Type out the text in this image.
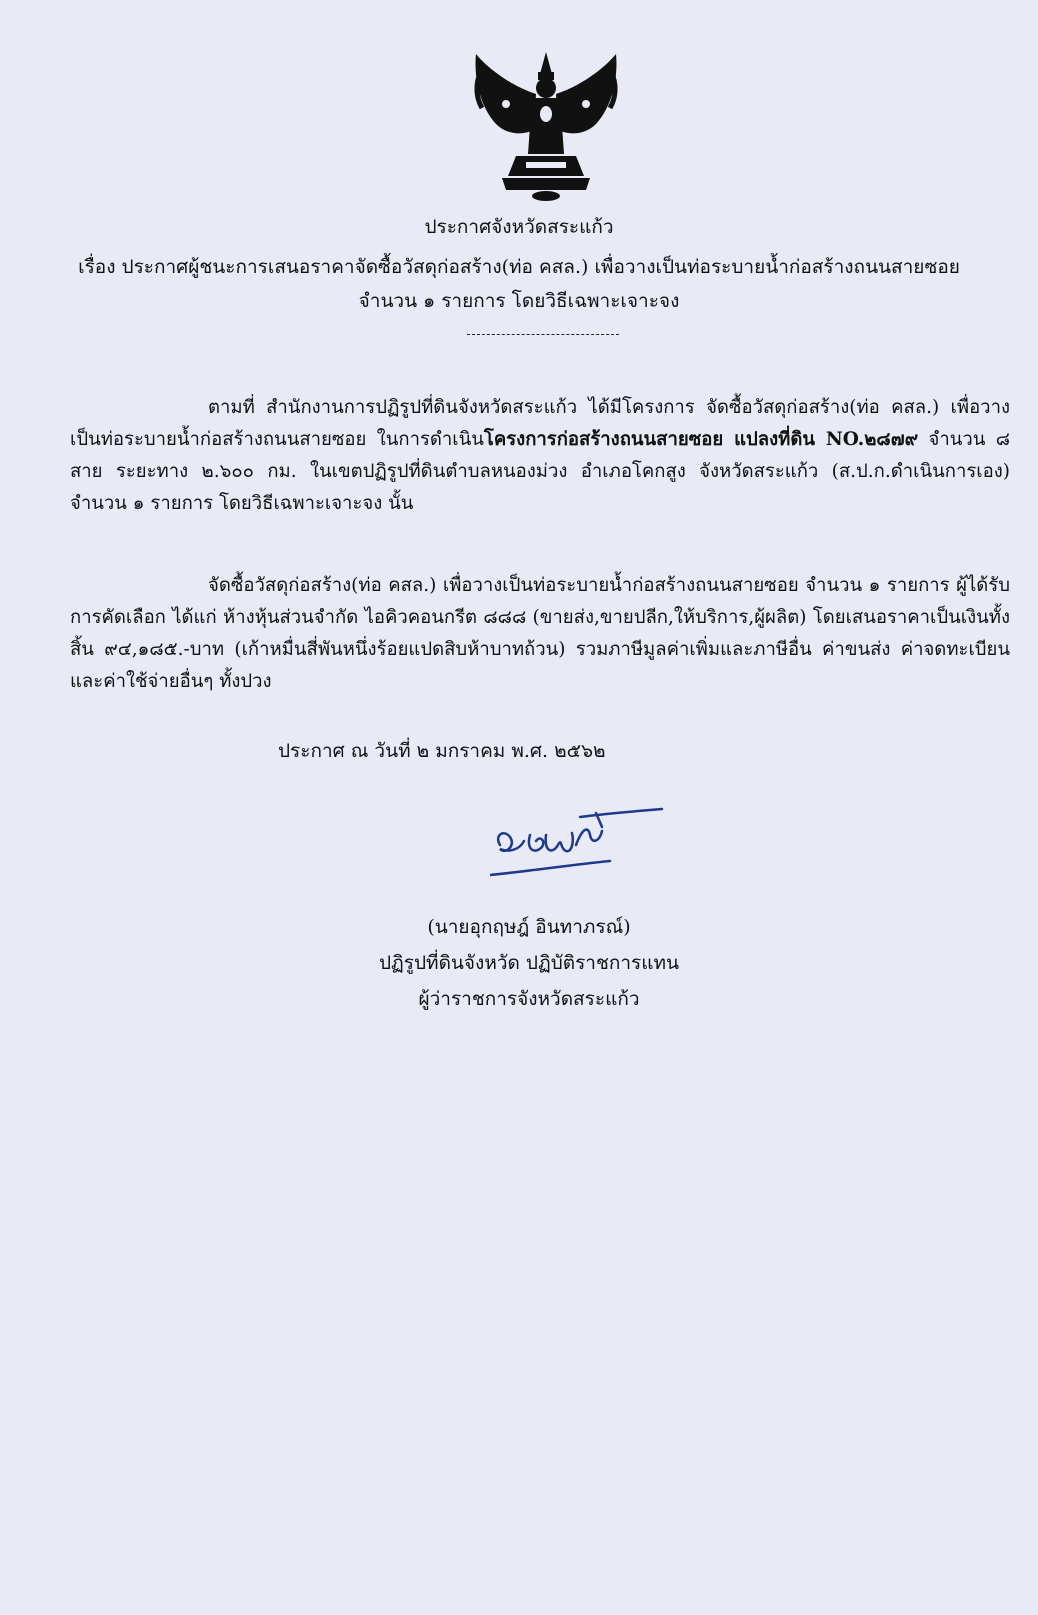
ประกาศจังหวัดสระแก้ว
เรื่อง ประกาศผู้ชนะการเสนอราคาจัดซื้อวัสดุก่อสร้าง(ท่อ คสล.) เพื่อวางเป็นท่อระบายน้ำก่อสร้างถนนสายซอย
จำนวน ๑ รายการ โดยวิธีเฉพาะเจาะจง
ตามที่ สำนักงานการปฏิรูปที่ดินจังหวัดสระแก้ว ได้มีโครงการ จัดซื้อวัสดุก่อสร้าง(ท่อ คสล.) เพื่อวางเป็นท่อระบายน้ำก่อสร้างถนนสายซอย ในการดำเนินโครงการก่อสร้างถนนสายซอย แปลงที่ดิน NO.๒๘๗๙ จำนวน ๘ สาย ระยะทาง ๒.๖๐๐ กม. ในเขตปฏิรูปที่ดินตำบลหนองม่วง อำเภอโคกสูง จังหวัดสระแก้ว (ส.ป.ก.ดำเนินการเอง) จำนวน ๑ รายการ โดยวิธีเฉพาะเจาะจง นั้น
จัดซื้อวัสดุก่อสร้าง(ท่อ คสล.) เพื่อวางเป็นท่อระบายน้ำก่อสร้างถนนสายซอย จำนวน ๑ รายการ ผู้ได้รับการคัดเลือก ได้แก่ ห้างหุ้นส่วนจำกัด ไอคิวคอนกรีต ๘๘๘ (ขายส่ง,ขายปลีก,ให้บริการ,ผู้ผลิต) โดยเสนอราคาเป็นเงินทั้งสิ้น ๙๔,๑๘๕.-บาท (เก้าหมื่นสี่พันหนึ่งร้อยแปดสิบห้าบาทถ้วน) รวมภาษีมูลค่าเพิ่มและภาษีอื่น ค่าขนส่ง ค่าจดทะเบียน และค่าใช้จ่ายอื่นๆ ทั้งปวง
ประกาศ ณ วันที่ ๒ มกราคม พ.ศ. ๒๕๖๒
(นายอุกฤษฎ์ อินทาภรณ์)
ปฏิรูปที่ดินจังหวัด ปฏิบัติราชการแทน
ผู้ว่าราชการจังหวัดสระแก้ว
